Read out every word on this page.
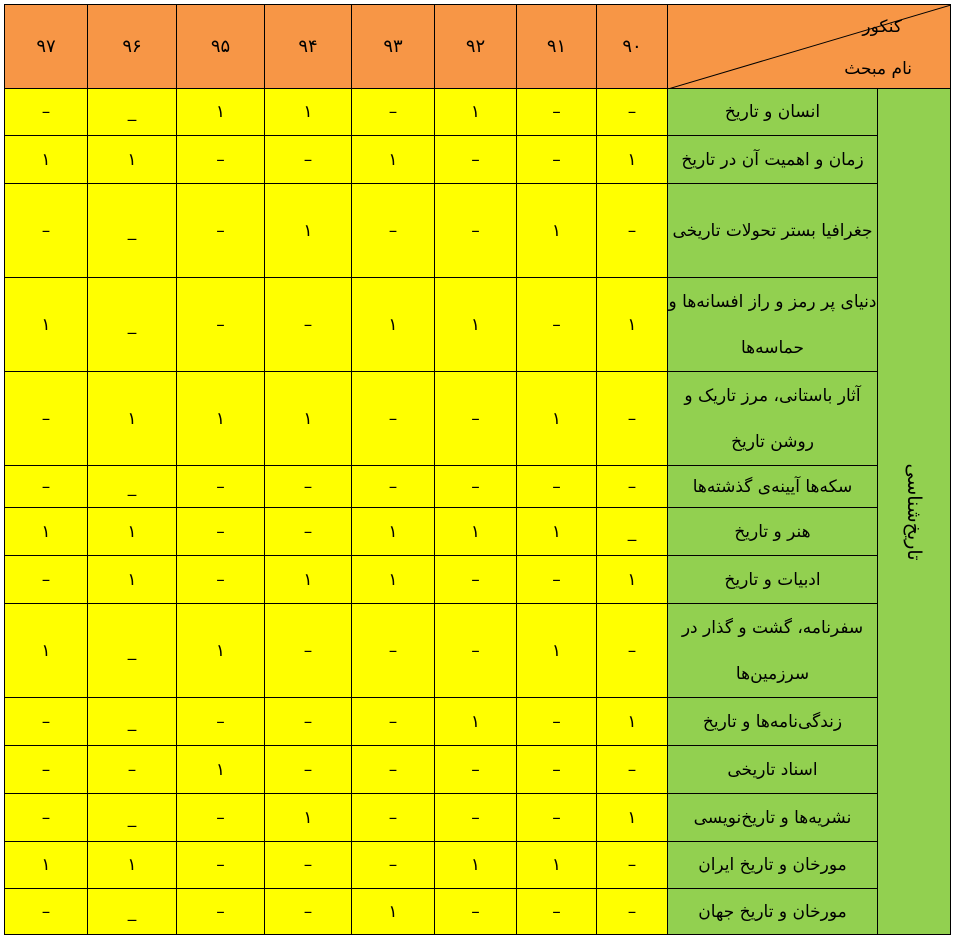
۹۷	۹۶	۹۵	۹۴	۹۳	۹۲	۹۱	۹۰	کنکور
نام مبحث	

–	_	۱	۱	–	۱	–	–	انسان و تاریخ	تاریخ‌شناسی

۱	۱	–	–	۱	–	–	۱	زمان و اهمیت آن در تاریخ	
–	_	–	۱	–	–	۱	–	جغرافیا بستر تحولات تاریخی	
۱	_	–	–	۱	۱	–	۱	دنیای پر رمز و راز افسانه‌ها و حماسه‌ها	
–	۱	۱	۱	–	–	۱	–	آثار باستانی، مرز تاریک و روشن تاریخ	
–	_	–	–	–	–	–	–	سکه‌ها آیینه‌ی گذشته‌ها	
۱	۱	–	–	۱	۱	۱	_	هنر و تاریخ	
–	۱	–	۱	۱	–	–	۱	ادبیات و تاریخ	
۱	_	۱	–	–	–	۱	–	سفرنامه، گشت و گذار در سرزمین‌ها	
–	_	–	–	–	۱	–	۱	زندگی‌نامه‌ها و تاریخ	
–	–	۱	–	–	–	–	–	اسناد تاریخی	
–	_	–	۱	–	–	–	۱	نشریه‌ها و تاریخ‌نویسی	
۱	۱	–	–	–	۱	۱	–	مورخان و تاریخ ایران	
–	_	–	–	۱	–	–	–	مورخان و تاریخ جهان	
